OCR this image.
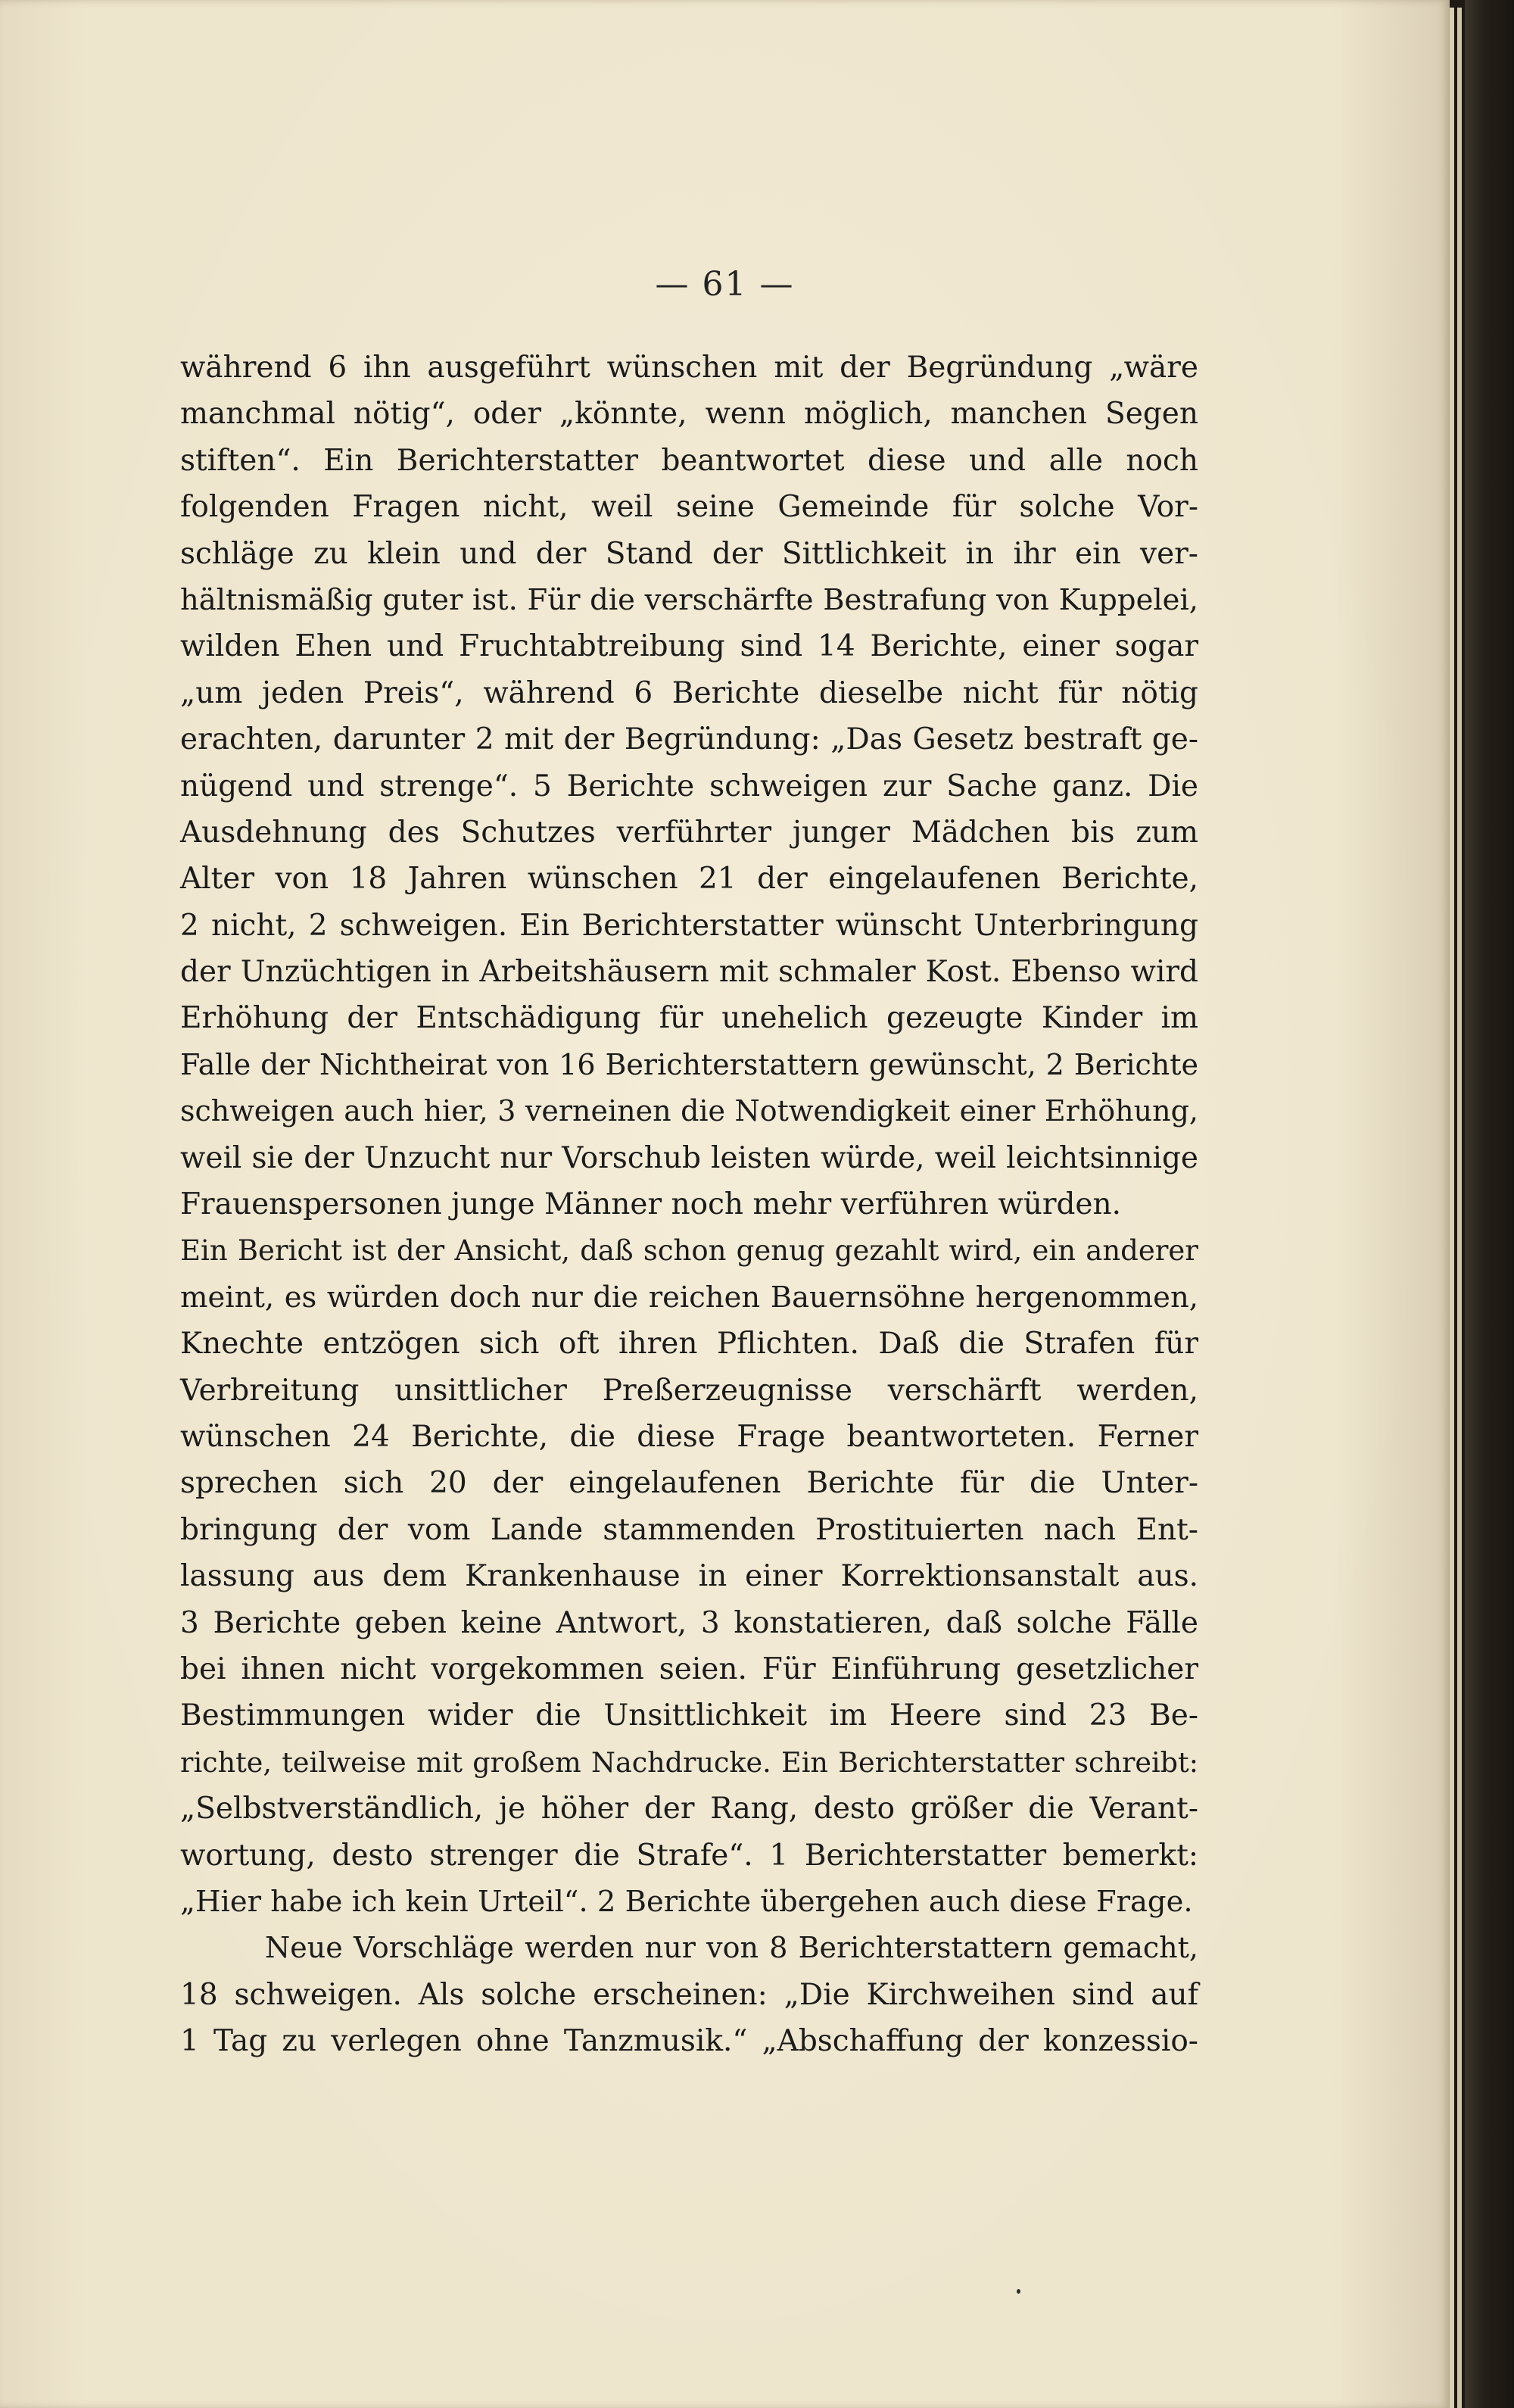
— 61 —
während 6 ihn ausgeführt wünschen mit der Begründung „wäre
manchmal nötig“, oder „könnte, wenn möglich, manchen Segen
stiften“. Ein Berichterstatter beantwortet diese und alle noch
folgenden Fragen nicht, weil seine Gemeinde für solche Vor-
schläge zu klein und der Stand der Sittlichkeit in ihr ein ver-
hältnismäßig guter ist. Für die verschärfte Bestrafung von Kuppelei,
wilden Ehen und Fruchtabtreibung sind 14 Berichte, einer sogar
„um jeden Preis“, während 6 Berichte dieselbe nicht für nötig
erachten, darunter 2 mit der Begründung: „Das Gesetz bestraft ge-
nügend und strenge“. 5 Berichte schweigen zur Sache ganz. Die
Ausdehnung des Schutzes verführter junger Mädchen bis zum
Alter von 18 Jahren wünschen 21 der eingelaufenen Berichte,
2 nicht, 2 schweigen. Ein Berichterstatter wünscht Unterbringung
der Unzüchtigen in Arbeitshäusern mit schmaler Kost. Ebenso wird
Erhöhung der Entschädigung für unehelich gezeugte Kinder im
Falle der Nichtheirat von 16 Berichterstattern gewünscht, 2 Berichte
schweigen auch hier, 3 verneinen die Notwendigkeit einer Erhöhung,
weil sie der Unzucht nur Vorschub leisten würde, weil leichtsinnige
Frauenspersonen junge Männer noch mehr verführen würden.
Ein Bericht ist der Ansicht, daß schon genug gezahlt wird, ein anderer
meint, es würden doch nur die reichen Bauernsöhne hergenommen,
Knechte entzögen sich oft ihren Pflichten. Daß die Strafen für
Verbreitung unsittlicher Preßerzeugnisse verschärft werden,
wünschen 24 Berichte, die diese Frage beantworteten. Ferner
sprechen sich 20 der eingelaufenen Berichte für die Unter-
bringung der vom Lande stammenden Prostituierten nach Ent-
lassung aus dem Krankenhause in einer Korrektionsanstalt aus.
3 Berichte geben keine Antwort, 3 konstatieren, daß solche Fälle
bei ihnen nicht vorgekommen seien. Für Einführung gesetzlicher
Bestimmungen wider die Unsittlichkeit im Heere sind 23 Be-
richte, teilweise mit großem Nachdrucke. Ein Berichterstatter schreibt:
„Selbstverständlich, je höher der Rang, desto größer die Verant-
wortung, desto strenger die Strafe“. 1 Berichterstatter bemerkt:
„Hier habe ich kein Urteil“. 2 Berichte übergehen auch diese Frage.
Neue Vorschläge werden nur von 8 Berichterstattern gemacht,
18 schweigen. Als solche erscheinen: „Die Kirchweihen sind auf
1 Tag zu verlegen ohne Tanzmusik.“ „Abschaffung der konzessio-
